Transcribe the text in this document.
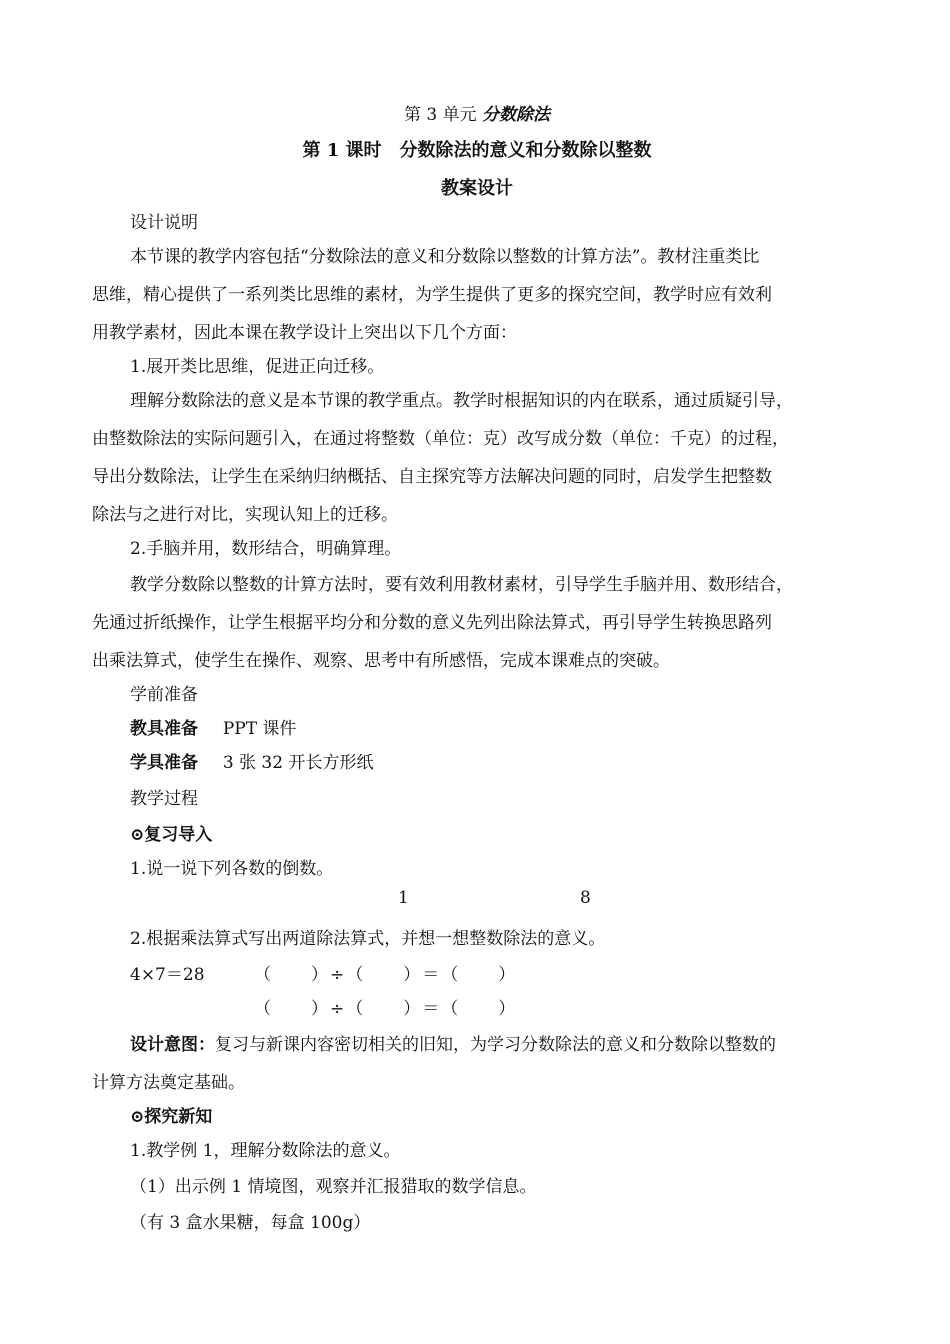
第 3 单元 分数除法
第 1 课时　分数除法的意义和分数除以整数
教案设计
设计说明
本节课的教学内容包括“分数除法的意义和分数除以整数的计算方法”。教材注重类比
思维，精心提供了一系列类比思维的素材，为学生提供了更多的探究空间，教学时应有效利
用教学素材，因此本课在教学设计上突出以下几个方面：
1.展开类比思维，促进正向迁移。
理解分数除法的意义是本节课的教学重点。教学时根据知识的内在联系，通过质疑引导，
由整数除法的实际问题引入，在通过将整数（单位：克）改写成分数（单位：千克）的过程，
导出分数除法，让学生在采纳归纳概括、自主探究等方法解决问题的同时，启发学生把整数
除法与之进行对比，实现认知上的迁移。
2.手脑并用，数形结合，明确算理。
教学分数除以整数的计算方法时，要有效利用教材素材，引导学生手脑并用、数形结合，
先通过折纸操作，让学生根据平均分和分数的意义先列出除法算式，再引导学生转换思路列
出乘法算式，使学生在操作、观察、思考中有所感悟，完成本课难点的突破。
学前准备
教具准备 PPT 课件
学具准备 3 张 32 开长方形纸
教学过程
⊙复习导入
1.说一说下列各数的倒数。
1	8
2.根据乘法算式写出两道除法算式，并想一想整数除法的意义。
4×7＝28	（　　）÷（　　）＝（　　）
（　　）÷（　　）＝（　　）
设计意图：复习与新课内容密切相关的旧知，为学习分数除法的意义和分数除以整数的
计算方法奠定基础。
⊙探究新知
1.教学例 1，理解分数除法的意义。
（1）出示例 1 情境图，观察并汇报猎取的数学信息。
（有 3 盒水果糖，每盒 100g）
